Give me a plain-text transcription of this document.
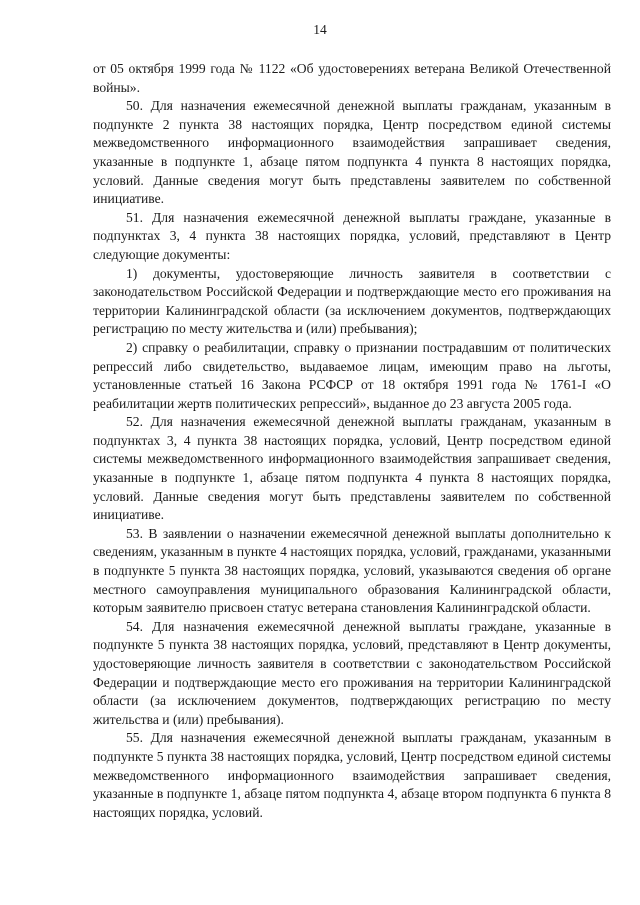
14

от 05 октября 1999 года № 1122 «Об удостоверениях ветерана Великой Отечественной войны».

50. Для назначения ежемесячной денежной выплаты гражданам, указанным в подпункте 2 пункта 38 настоящих порядка, Центр посредством единой системы межведомственного информационного взаимодействия запрашивает сведения, указанные в подпункте 1, абзаце пятом подпункта 4 пункта 8 настоящих порядка, условий. Данные сведения могут быть представлены заявителем по собственной инициативе.

51. Для назначения ежемесячной денежной выплаты граждане, указанные в подпунктах 3, 4 пункта 38 настоящих порядка, условий, представляют в Центр следующие документы:

1) документы, удостоверяющие личность заявителя в соответствии с законодательством Российской Федерации и подтверждающие место его проживания на территории Калининградской области (за исключением документов, подтверждающих регистрацию по месту жительства и (или) пребывания);

2) справку о реабилитации, справку о признании пострадавшим от политических репрессий либо свидетельство, выдаваемое лицам, имеющим право на льготы, установленные статьей 16 Закона РСФСР от 18 октября 1991 года № 1761-I «О реабилитации жертв политических репрессий», выданное до 23 августа 2005 года.

52. Для назначения ежемесячной денежной выплаты гражданам, указанным в подпунктах 3, 4 пункта 38 настоящих порядка, условий, Центр посредством единой системы межведомственного информационного взаимодействия запрашивает сведения, указанные в подпункте 1, абзаце пятом подпункта 4 пункта 8 настоящих порядка, условий. Данные сведения могут быть представлены заявителем по собственной инициативе.

53. В заявлении о назначении ежемесячной денежной выплаты дополнительно к сведениям, указанным в пункте 4 настоящих порядка, условий, гражданами, указанными в подпункте 5 пункта 38 настоящих порядка, условий, указываются сведения об органе местного самоуправления муниципального образования Калининградской области, которым заявителю присвоен статус ветерана становления Калининградской области.

54. Для назначения ежемесячной денежной выплаты граждане, указанные в подпункте 5 пункта 38 настоящих порядка, условий, представляют в Центр документы, удостоверяющие личность заявителя в соответствии с законодательством Российской Федерации и подтверждающие место его проживания на территории Калининградской области (за исключением документов, подтверждающих регистрацию по месту жительства и (или) пребывания).

55. Для назначения ежемесячной денежной выплаты гражданам, указанным в подпункте 5 пункта 38 настоящих порядка, условий, Центр посредством единой системы межведомственного информационного взаимодействия запрашивает сведения, указанные в подпункте 1, абзаце пятом подпункта 4, абзаце втором подпункта 6 пункта 8 настоящих порядка, условий.
